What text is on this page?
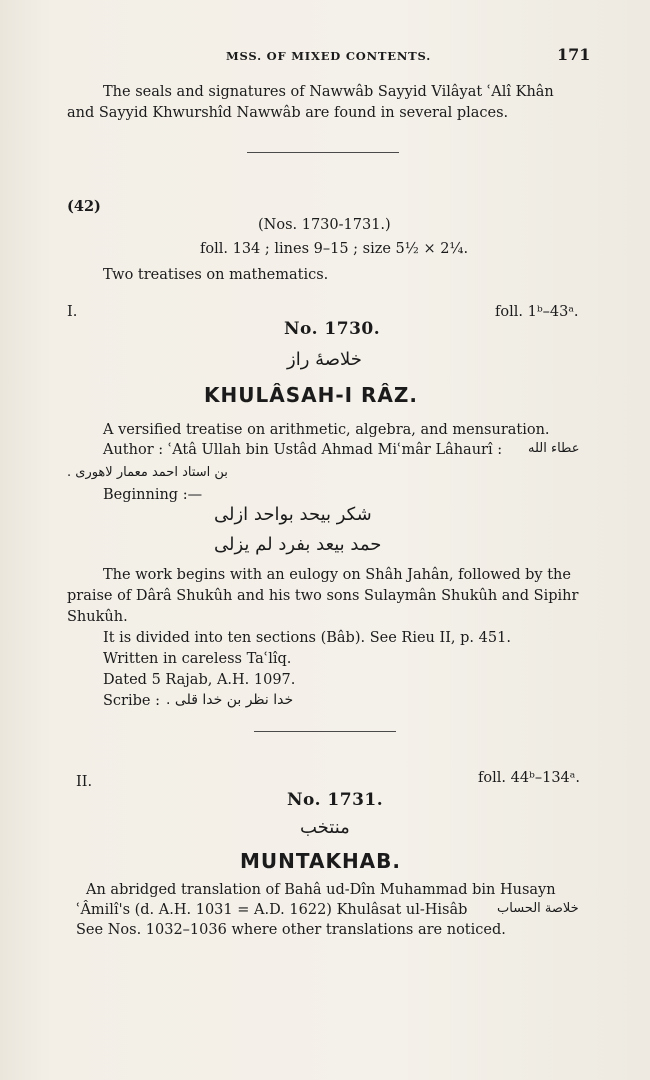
MSS. OF MIXED CONTENTS.	171
The seals and signatures of Nawwâb Sayyid Vilâyat ʿAlî Khân
and Sayyid Khwurshîd Nawwâb are found in several places.
(42)
(Nos. 1730-1731.)
foll. 134 ; lines 9–15 ; size 5½ × 2¼.
Two treatises on mathematics.
I.	foll. 1ᵇ–43ᵃ.
No. 1730.
خلاصهٔ راز
KHULÂSAH-I RÂZ.
A versified treatise on arithmetic, algebra, and mensuration.
Author : ʿAtâ Ullah bin Ustâd Ahmad Miʿmâr Lâhaurî : عطاء الله
بن استاد احمد معمار لاهوری .
Beginning :—
شکر بیحد بواحد ازلی
حمد بیعد بفرد لم یزلی
The work begins with an eulogy on Shâh Jahân, followed by the
praise of Dârâ Shukûh and his two sons Sulaymân Shukûh and Sipihr
Shukûh.
It is divided into ten sections (Bâb). See Rieu II, p. 451.
Written in careless Taʿlîq.
Dated 5 Rajab, A.H. 1097.
Scribe : خدا نظر بن خدا قلی .
II.	foll. 44ᵇ–134ᵃ.
No. 1731.
منتخب
MUNTAKHAB.
An abridged translation of Bahâ ud-Dîn Muhammad bin Husayn
ʿÂmilî's (d. A.H. 1031 = A.D. 1622) Khulâsat ul-Hisâb خلاصة الحساب
See Nos. 1032–1036 where other translations are noticed.
